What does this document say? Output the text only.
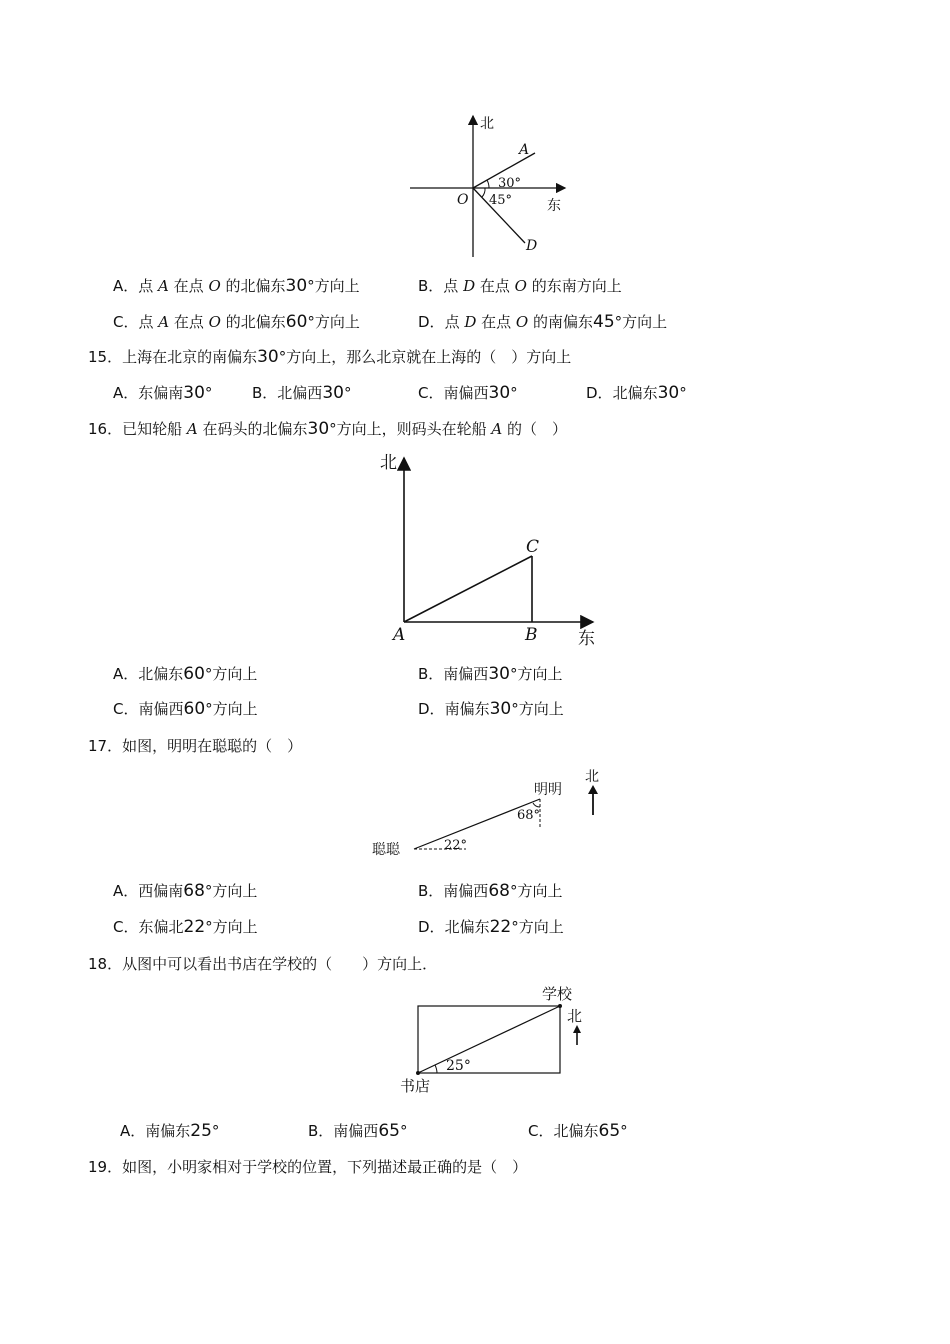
北
A
30°
O 45° 东
D
A．点 A 在点 O 的北偏东30°方向上	B．点 D 在点 O 的东南方向上
C．点 A 在点 O 的北偏东60°方向上	D．点 D 在点 O 的南偏东45°方向上
15．上海在北京的南偏东30°方向上，那么北京就在上海的（　）方向上
A．东偏南30°	B．北偏西30°	C．南偏西30°	D．北偏东30°
16．已知轮船 A 在码头的北偏东30°方向上，则码头在轮船 A 的（　）
北
C
A	B 东
A．北偏东60°方向上	B．南偏西30°方向上
C．南偏西60°方向上	D．南偏东30°方向上
17．如图，明明在聪聪的（　）
北
明明
68°
22°
聪聪
A．西偏南68°方向上	B．南偏西68°方向上
C．东偏北22°方向上	D．北偏东22°方向上
18．从图中可以看出书店在学校的（　　）方向上．
学校
北
25°
书店
A．南偏东25°	B．南偏西65°	C．北偏东65°
19．如图，小明家相对于学校的位置，下列描述最正确的是（　）
